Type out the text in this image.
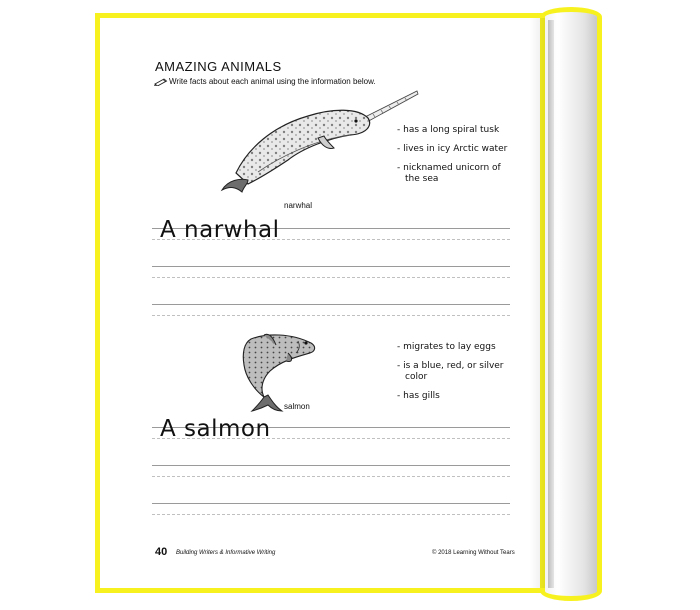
AMAZING ANIMALS
Write facts about each animal using the information below.
narwhal
- has a long spiral tusk
- lives in icy Arctic water
- nicknamed unicorn of the sea
A narwhal
salmon
- migrates to lay eggs
- is a blue, red, or silver color
- has gills
A salmon
40 Building Writers & Informative Writing	© 2018 Learning Without Tears
